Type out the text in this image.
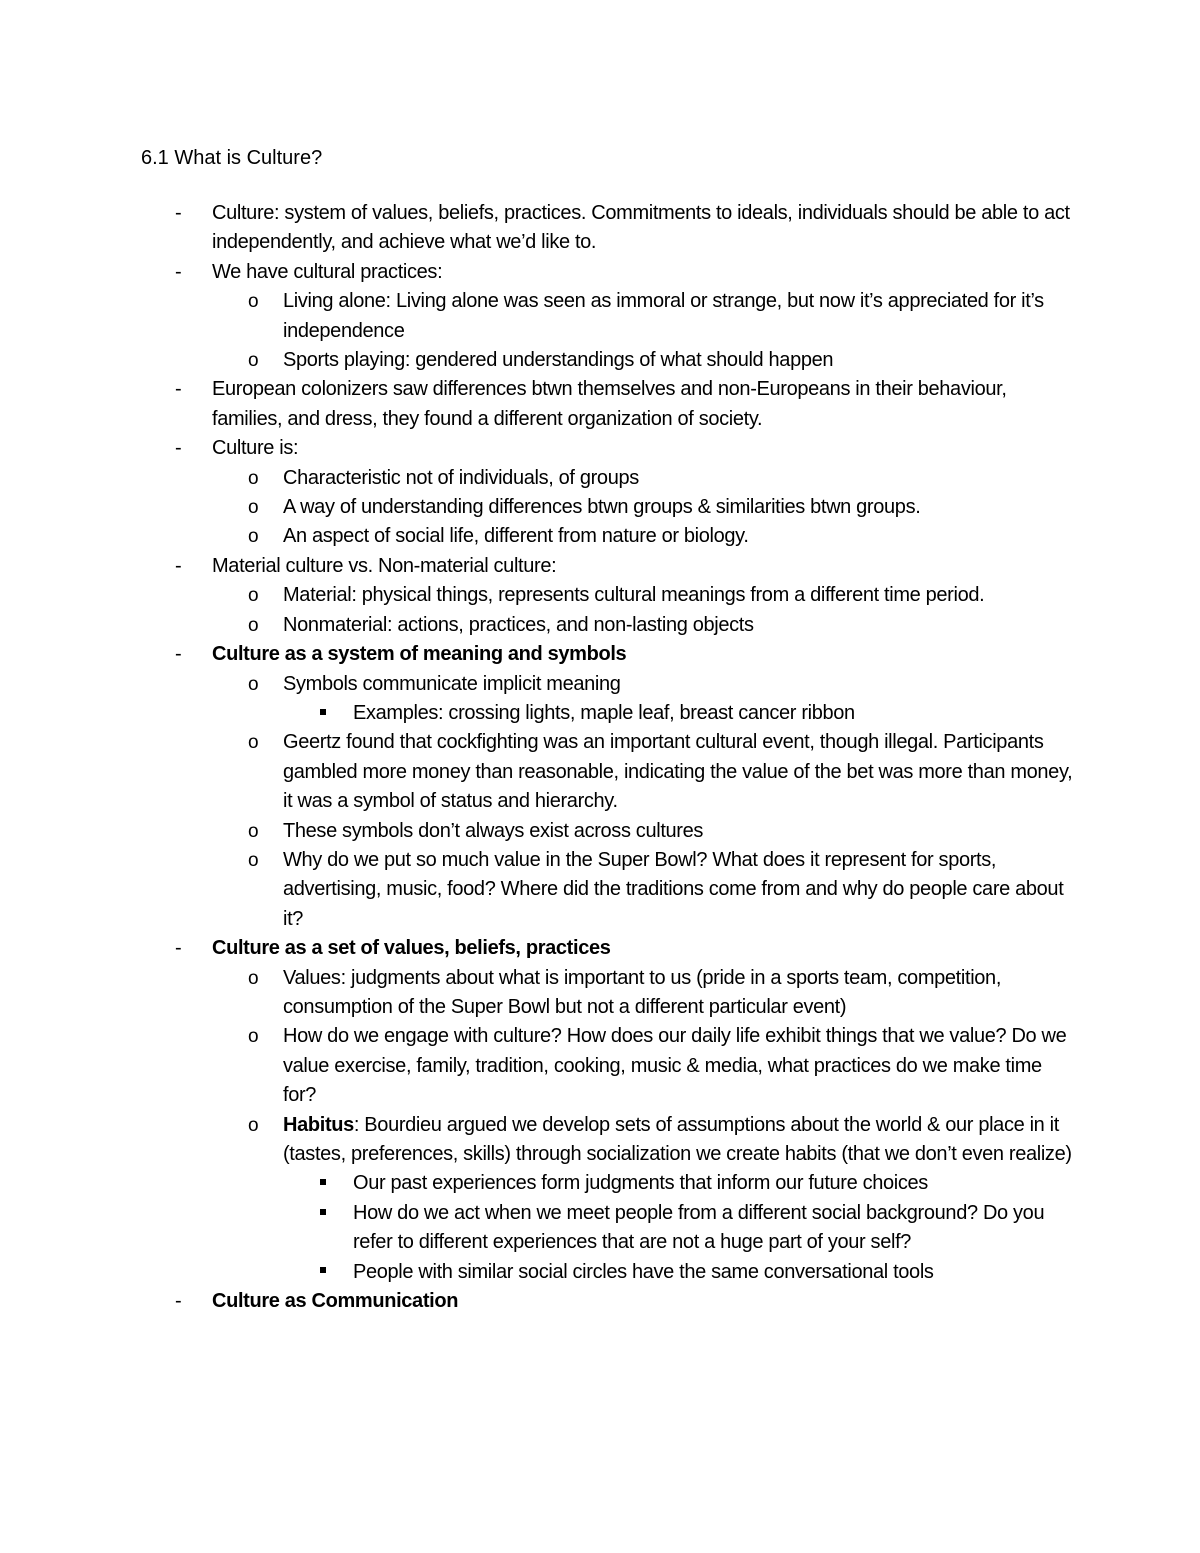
6.1 What is Culture?
- Culture: system of values, beliefs, practices. Commitments to ideals, individuals should be able to act independently, and achieve what we’d like to.
- We have cultural practices:
o Living alone: Living alone was seen as immoral or strange, but now it’s appreciated for it’s independence
o Sports playing: gendered understandings of what should happen
- European colonizers saw differences btwn themselves and non-Europeans in their behaviour, families, and dress, they found a different organization of society.
- Culture is:
o Characteristic not of individuals, of groups
o A way of understanding differences btwn groups & similarities btwn groups.
o An aspect of social life, different from nature or biology.
- Material culture vs. Non-material culture:
o Material: physical things, represents cultural meanings from a different time period.
o Nonmaterial: actions, practices, and non-lasting objects
- Culture as a system of meaning and symbols
o Symbols communicate implicit meaning
Examples: crossing lights, maple leaf, breast cancer ribbon
o Geertz found that cockfighting was an important cultural event, though illegal. Participants gambled more money than reasonable, indicating the value of the bet was more than money, it was a symbol of status and hierarchy.
o These symbols don’t always exist across cultures
o Why do we put so much value in the Super Bowl? What does it represent for sports, advertising, music, food? Where did the traditions come from and why do people care about it?
- Culture as a set of values, beliefs, practices
o Values: judgments about what is important to us (pride in a sports team, competition, consumption of the Super Bowl but not a different particular event)
o How do we engage with culture? How does our daily life exhibit things that we value? Do we value exercise, family, tradition, cooking, music & media, what practices do we make time for?
o Habitus: Bourdieu argued we develop sets of assumptions about the world & our place in it (tastes, preferences, skills) through socialization we create habits (that we don’t even realize)
Our past experiences form judgments that inform our future choices
How do we act when we meet people from a different social background? Do you refer to different experiences that are not a huge part of your self?
People with similar social circles have the same conversational tools
- Culture as Communication
